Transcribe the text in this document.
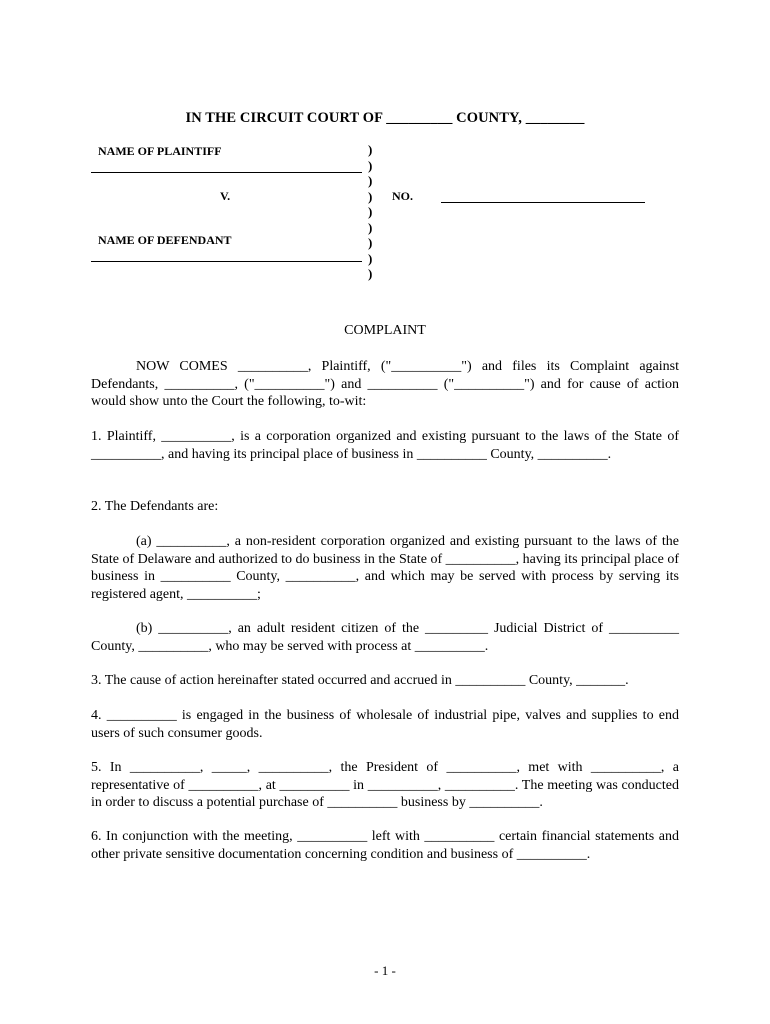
IN THE CIRCUIT COURT OF _________ COUNTY, ________
NAME OF PLAINTIFF
V.
NAME OF DEFENDANT
NO.
)
)
)
)
)
)
)
)
)
COMPLAINT
NOW COMES __________, Plaintiff, ("__________") and files its Complaint against Defendants, __________, ("__________") and __________ ("__________") and for cause of action would show unto the Court the following, to-wit:
1. Plaintiff, __________, is a corporation organized and existing pursuant to the laws of the State of __________, and having its principal place of business in __________ County, __________.
2. The Defendants are:
(a) __________, a non-resident corporation organized and existing pursuant to the laws of the State of Delaware and authorized to do business in the State of __________, having its principal place of business in __________ County, __________, and which may be served with process by serving its registered agent, __________;
(b) __________, an adult resident citizen of the _________ Judicial District of __________ County, __________, who may be served with process at __________.
3. The cause of action hereinafter stated occurred and accrued in __________ County, _______.
4. __________ is engaged in the business of wholesale of industrial pipe, valves and supplies to end users of such consumer goods.
5. In __________, _____, __________, the President of __________, met with __________, a representative of __________, at __________ in __________, __________. The meeting was conducted in order to discuss a potential purchase of __________ business by __________.
6. In conjunction with the meeting, __________ left with __________ certain financial statements and other private sensitive documentation concerning condition and business of __________.
- 1 -
